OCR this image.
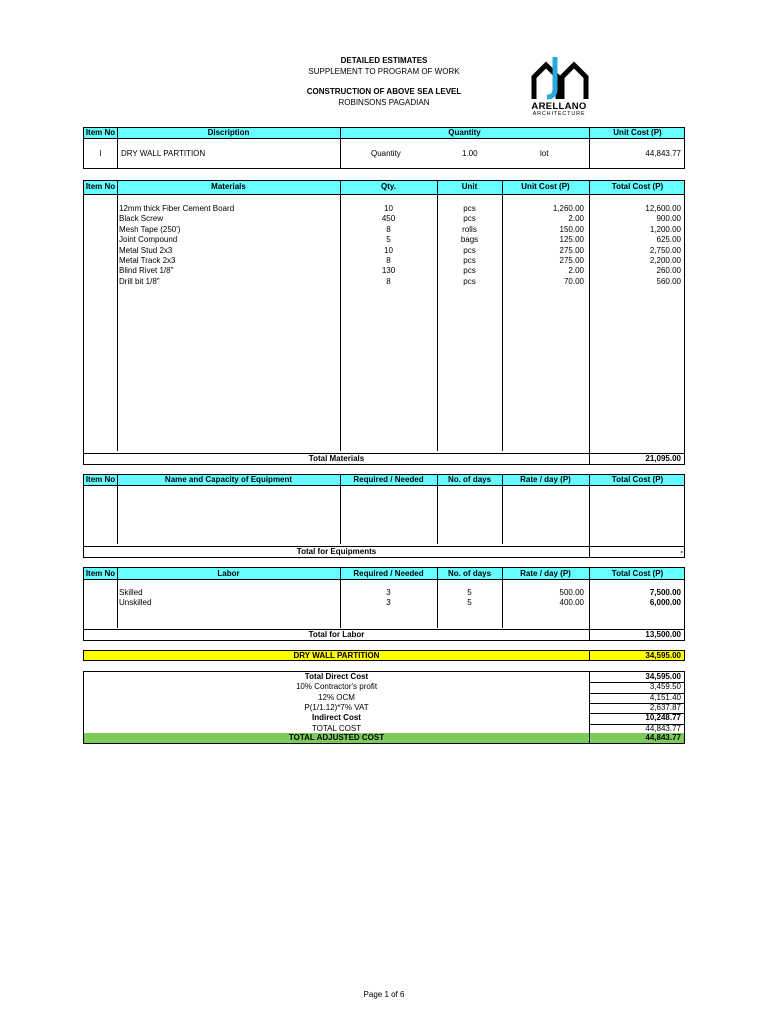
DETAILED ESTIMATES
SUPPLEMENT TO PROGRAM OF WORK
CONSTRUCTION OF ABOVE SEA LEVEL
ROBINSONS PAGADIAN	ARELLANO
ARCHITECTURE
Item No	Discription	Quantity	Unit Cost (P)
I	DRY WALL PARTITION	Quantity	1.00	lot	44,843.77
Item No	Materials	Qty.	Unit	Unit Cost (P)	Total Cost (P)
12mm thick Fiber Cement Board	10	pcs	1,260.00	12,600.00
Black Screw	450	pcs	2.00	900.00
Mesh Tape (250')	8	rolls	150.00	1,200.00
Joint Compound	5	bags	125.00	625.00
Metal Stud 2x3	10	pcs	275.00	2,750.00
Metal Track 2x3	8	pcs	275.00	2,200.00
Blind Rivet 1/8"	130	pcs	2.00	260.00
Drill bit 1/8"	8	pcs	70.00	560.00
Total Materials	21,095.00
Item No	Name and Capacity of Equipment	Required / Needed	No. of days	Rate / day (P)	Total Cost (P)
Total for Equipments	-
Item No	Labor	Required / Needed	No. of days	Rate / day (P)	Total Cost (P)
Skilled	3	5	500.00	7,500.00
Unskilled	3	5	400.00	6,000.00
Total for Labor	13,500.00
DRY WALL PARTITION	34,595.00
Total Direct Cost	34,595.00
10% Contractor's profit	3,459.50
12% OCM	4,151.40
P(1/1.12)*7% VAT	2,637.87
Indirect Cost	10,248.77
TOTAL COST	44,843.77
TOTAL ADJUSTED COST	44,843.77
Page 1 of 6
